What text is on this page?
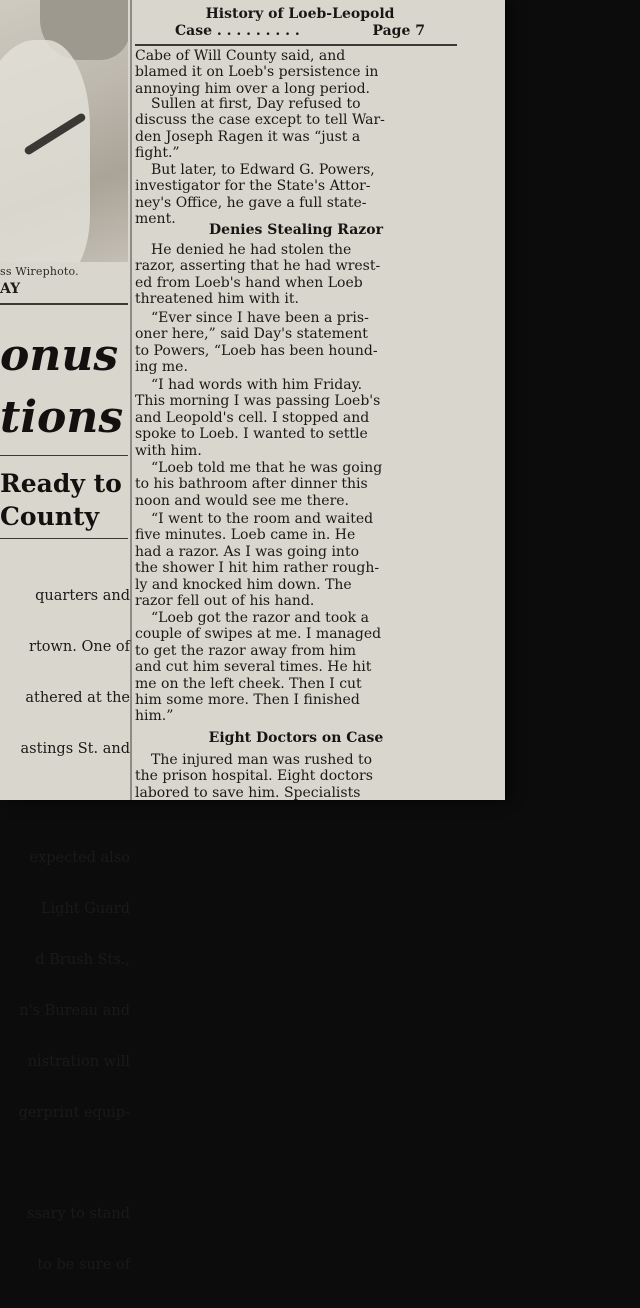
ss Wirephoto.
AY
onus
tions
Ready to
County

quarters and

rtown. One of

athered at the

astings St. and

expected also

Light Guard

d Brush Sts.,

n's Bureau and

nistration will

gerprint equip-

ssary to stand

to be sure of

History of Loeb-Leopold
Case . . . . . . . . .	Page 7

Cabe of Will County said, and

blamed it on Loeb's persistence in

annoying him over a long period.

Sullen at first, Day refused to

discuss the case except to tell War-

den Joseph Ragen it was “just a

fight.”

But later, to Edward G. Powers,

investigator for the State's Attor-

ney's Office, he gave a full state-

ment.

Denies Stealing Razor

He denied he had stolen the

razor, asserting that he had wrest-

ed from Loeb's hand when Loeb

threatened him with it.

“Ever since I have been a pris-

oner here,” said Day's statement

to Powers, “Loeb has been hound-

ing me.

“I had words with him Friday.

This morning I was passing Loeb's

and Leopold's cell. I stopped and

spoke to Loeb. I wanted to settle

with him.

“Loeb told me that he was going

to his bathroom after dinner this

noon and would see me there.

“I went to the room and waited

five minutes. Loeb came in. He

had a razor. As I was going into

the shower I hit him rather rough-

ly and knocked him down. The

razor fell out of his hand.

“Loeb got the razor and took a

couple of swipes at me. I managed

to get the razor away from him

and cut him several times. He hit

me on the left cheek. Then I cut

him some more. Then I finished

him.”

Eight Doctors on Case

The injured man was rushed to

the prison hospital. Eight doctors

labored to save him. Specialists
